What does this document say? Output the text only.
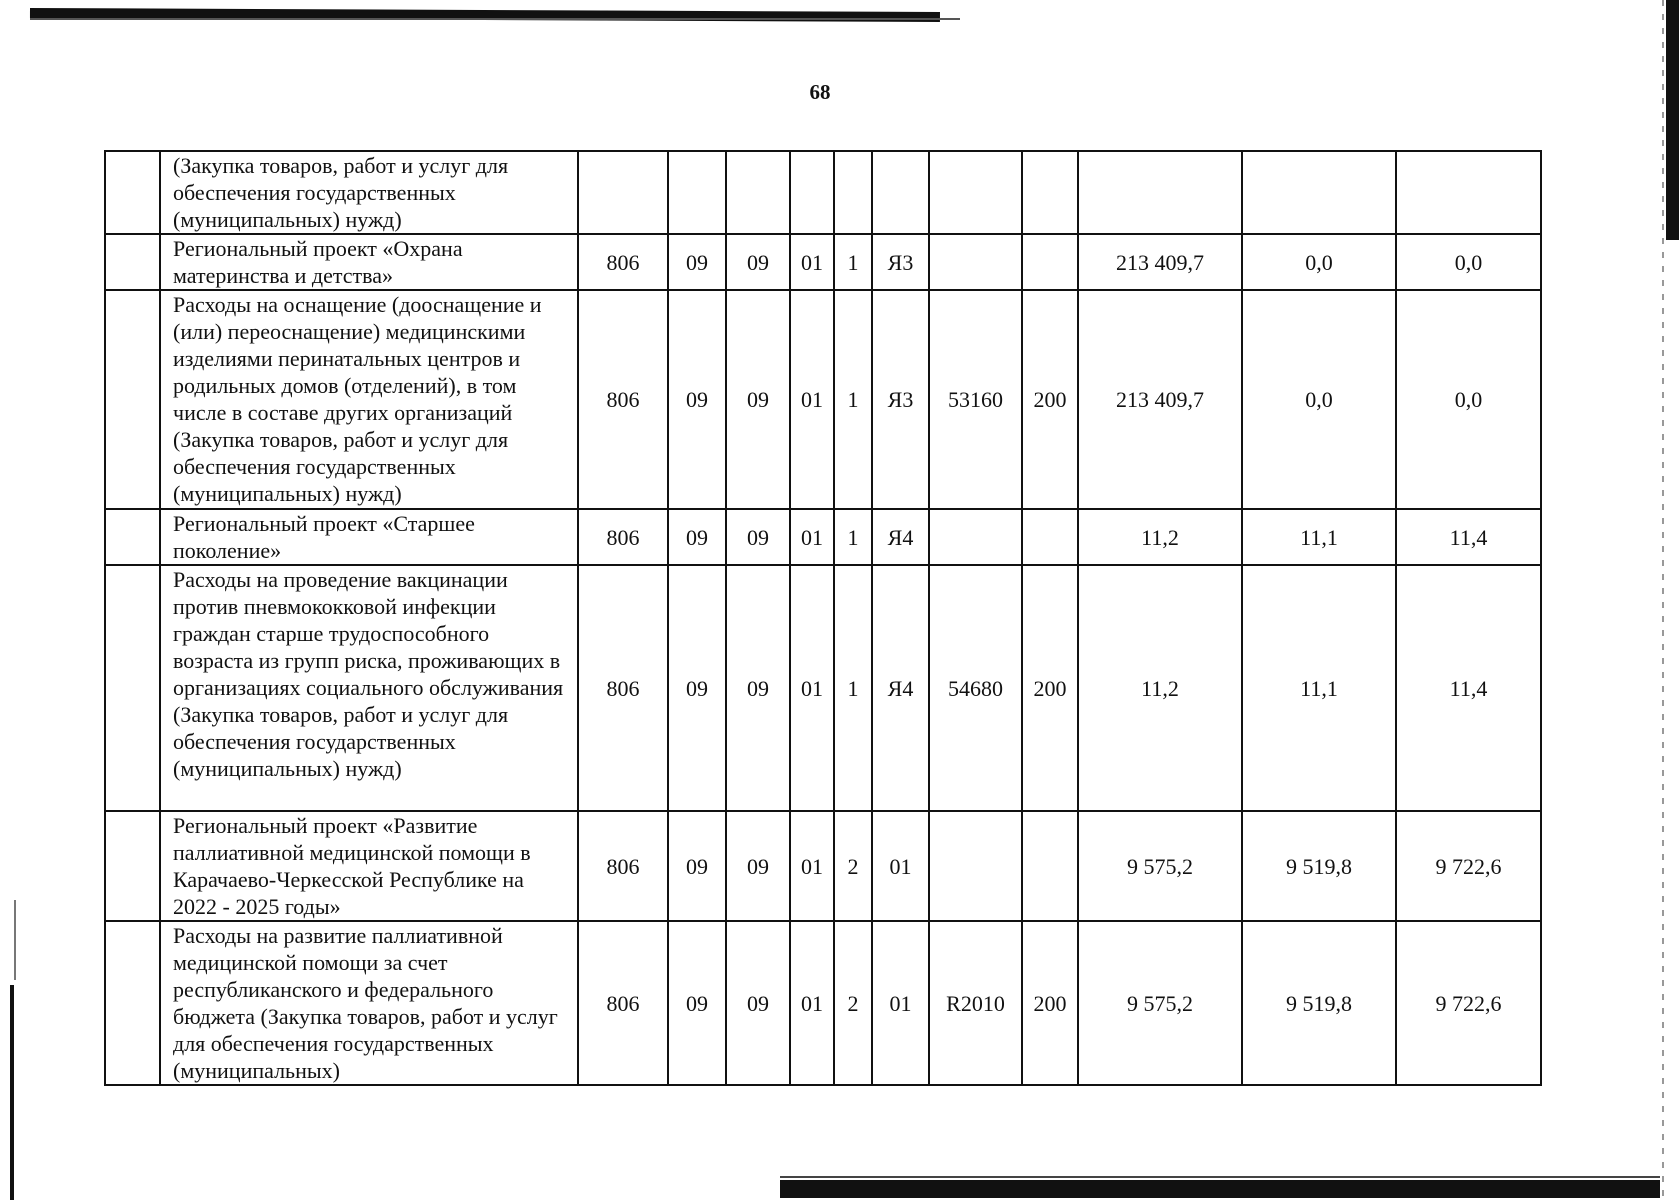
68
	(Закупка товаров, работ и услуг для обеспечения государственных (муниципальных) нужд)											
	Региональный проект «Охрана материнства и детства»	806	09	09	01	1	Я3			213 409,7	0,0	0,0
	Расходы на оснащение (дооснащение и (или) переоснащение) медицинскими изделиями перинатальных центров и родильных домов (отделений), в том числе в составе других организаций (Закупка товаров, работ и услуг для обеспечения государственных (муниципальных) нужд)	806	09	09	01	1	Я3	53160	200	213 409,7	0,0	0,0
	Региональный проект «Старшее поколение»	806	09	09	01	1	Я4			11,2	11,1	11,4
	Расходы на проведение вакцинации против пневмококковой инфекции граждан старше трудоспособного возраста из групп риска, проживающих в организациях социального обслуживания (Закупка товаров, работ и услуг для обеспечения государственных (муниципальных) нужд)	806	09	09	01	1	Я4	54680	200	11,2	11,1	11,4
	Региональный проект «Развитие паллиативной медицинской помощи в Карачаево-Черкесской Республике на 2022 - 2025 годы»	806	09	09	01	2	01			9 575,2	9 519,8	9 722,6
	Расходы на развитие паллиативной медицинской помощи за счет республиканского и федерального бюджета (Закупка товаров, работ и услуг для обеспечения государственных (муниципальных)	806	09	09	01	2	01	R2010	200	9 575,2	9 519,8	9 722,6
